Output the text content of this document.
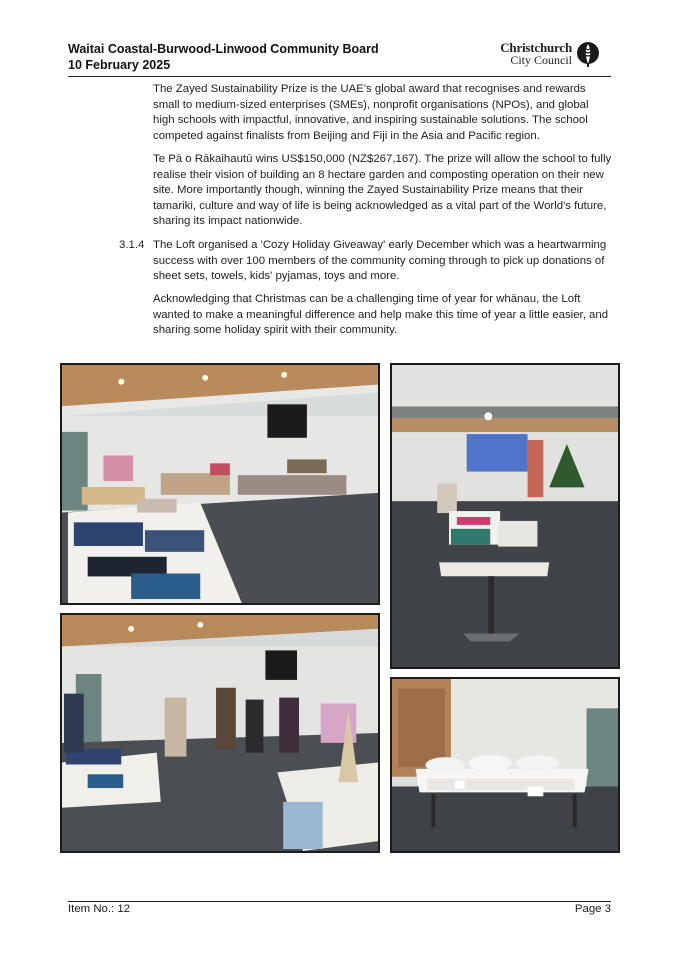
Waitai Coastal-Burwood-Linwood Community Board
10 February 2025
Christchurch
City Council

The Zayed Sustainability Prize is the UAE's global award that recognises and rewards small to medium-sized enterprises (SMEs), nonprofit organisations (NPOs), and global high schools with impactful, innovative, and inspiring sustainable solutions. The school competed against finalists from Beijing and Fiji in the Asia and Pacific region.

Te Pā o Rākaihautū wins US$150,000 (NZ$267,167). The prize will allow the school to fully realise their vision of building an 8 hectare garden and composting operation on their new site. More importantly though, winning the Zayed Sustainability Prize means that their tamariki, culture and way of life is being acknowledged as a vital part of the World's future, sharing its impact nationwide.

3.1.4 The Loft organised a 'Cozy Holiday Giveaway' early December which was a heartwarming success with over 100 members of the community coming through to pick up donations of sheet sets, towels, kids' pyjamas, toys and more.

Acknowledging that Christmas can be a challenging time of year for whānau, the Loft wanted to make a meaningful difference and help make this time of year a little easier, and sharing some holiday spirit with their community.

Item No.: 12	Page 3
